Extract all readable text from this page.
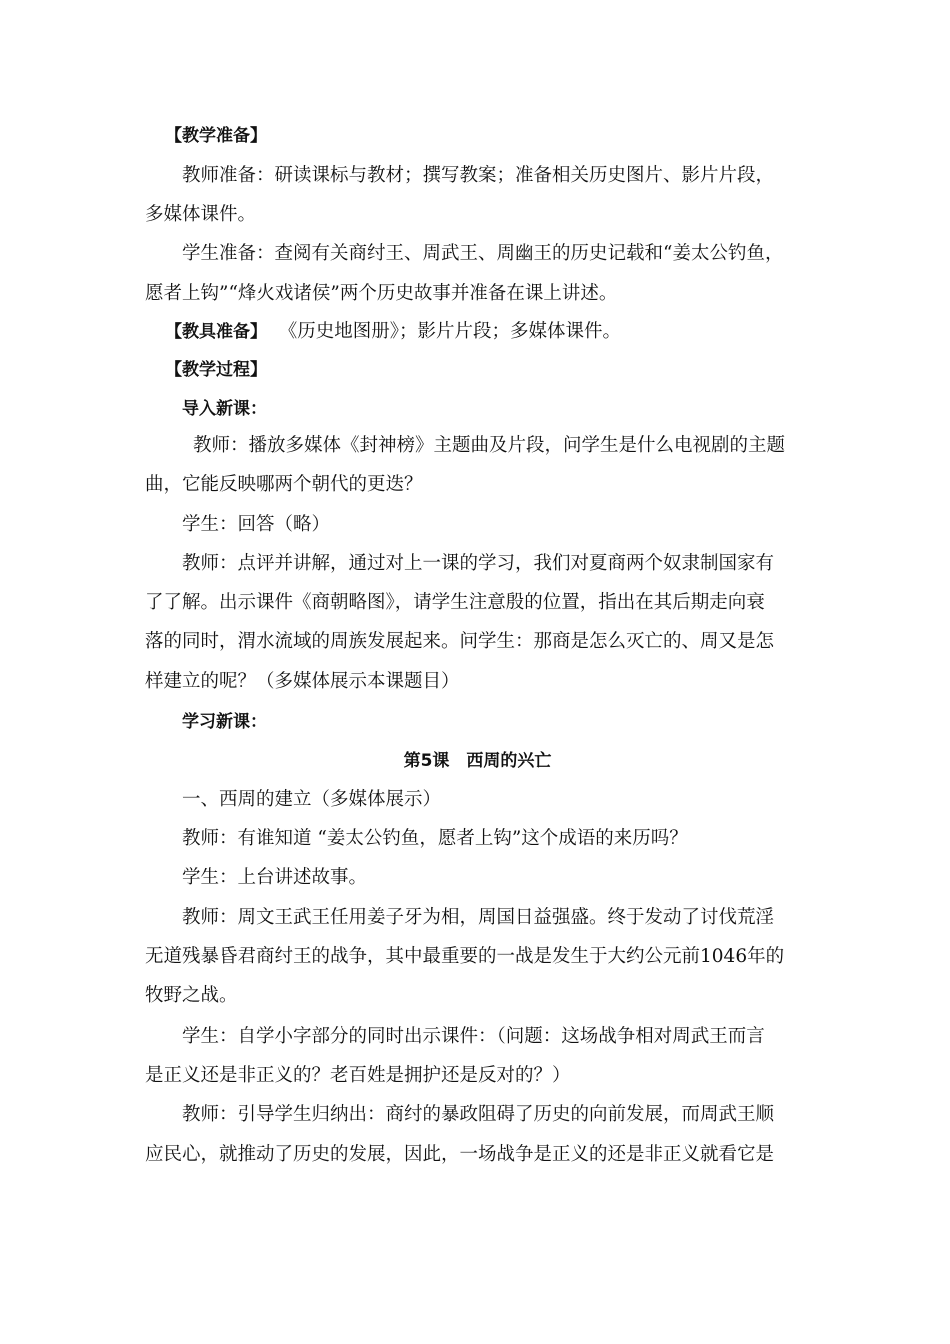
【教学准备】
教师准备：研读课标与教材；撰写教案；准备相关历史图片、影片片段，
多媒体课件。
学生准备：查阅有关商纣王、周武王、周幽王的历史记载和“姜太公钓鱼，
愿者上钩”“烽火戏诸侯”两个历史故事并准备在课上讲述。
【教具准备】 《历史地图册》；影片片段；多媒体课件。
【教学过程】
导入新课：
教师：播放多媒体《封神榜》主题曲及片段，问学生是什么电视剧的主题
曲，它能反映哪两个朝代的更迭？
学生：回答（略）
教师：点评并讲解，通过对上一课的学习，我们对夏商两个奴隶制国家有
了了解。出示课件《商朝略图》，请学生注意殷的位置，指出在其后期走向衰
落的同时，渭水流域的周族发展起来。问学生：那商是怎么灭亡的、周又是怎
样建立的呢？（多媒体展示本课题目）
学习新课：
第5课　西周的兴亡
一、西周的建立（多媒体展示）
教师：有谁知道 “姜太公钓鱼，愿者上钩”这个成语的来历吗？
学生：上台讲述故事。
教师：周文王武王任用姜子牙为相，周国日益强盛。终于发动了讨伐荒淫
无道残暴昏君商纣王的战争，其中最重要的一战是发生于大约公元前1046年的
牧野之战。
学生：自学小字部分的同时出示课件：（问题：这场战争相对周武王而言
是正义还是非正义的？老百姓是拥护还是反对的？）
教师：引导学生归纳出：商纣的暴政阻碍了历史的向前发展，而周武王顺
应民心，就推动了历史的发展，因此，一场战争是正义的还是非正义就看它是
